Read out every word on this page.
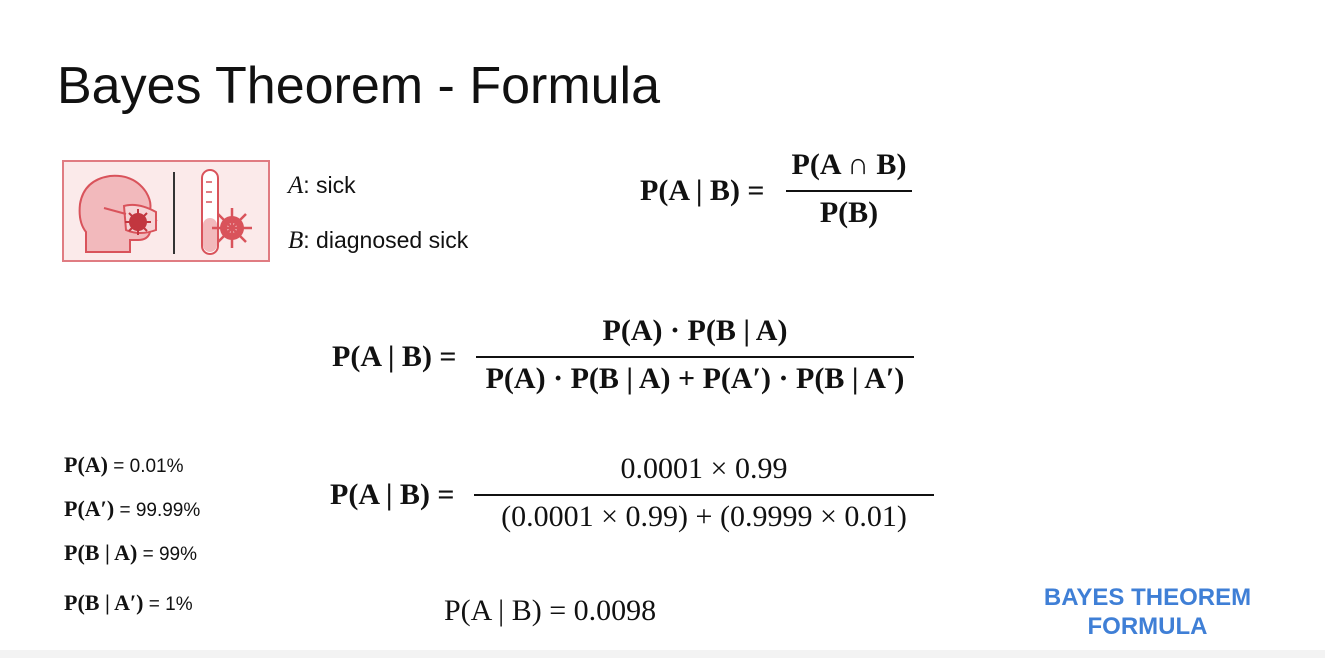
Bayes Theorem - Formula
A: sick
B: diagnosed sick
P(A | B) =
P(A ∩ B)
P(B)
P(A | B) =
P(A) · P(B | A)
P(A) · P(B | A) + P(A′) · P(B | A′)
P(A | B) =
0.0001 × 0.99
(0.0001 × 0.99) + (0.9999 × 0.01)
P(A | B) = 0.0098
P(A) = 0.01%
P(A′) = 99.99%
P(B | A) = 99%
P(B | A′) = 1%	BAYES THEOREM
FORMULA
